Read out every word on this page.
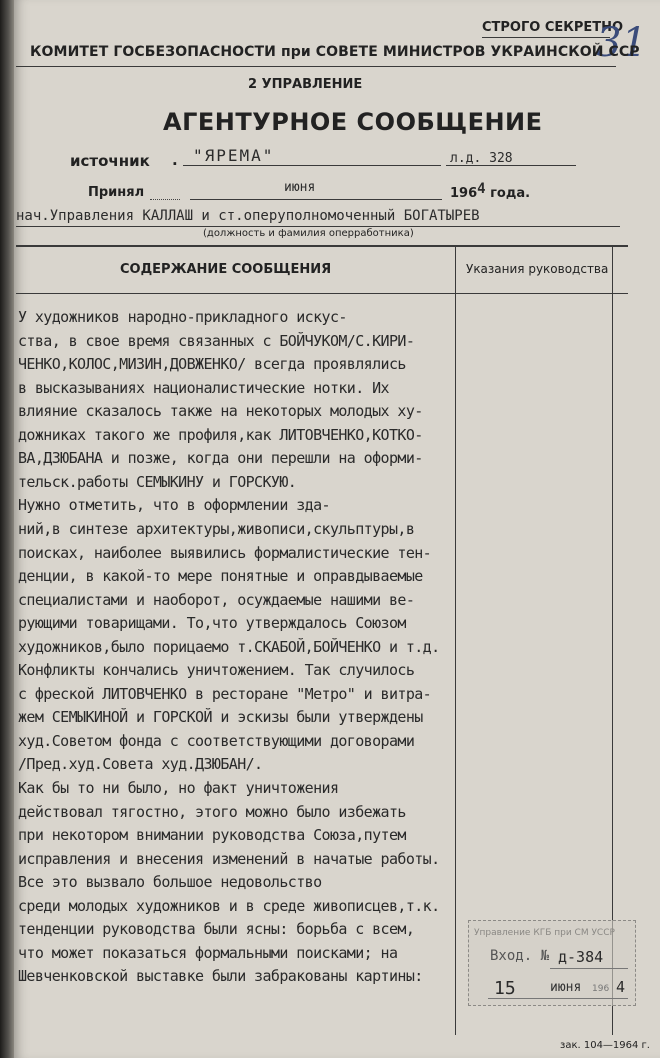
СТРОГО СЕКРЕТНО
31
КОМИТЕТ ГОСБЕЗОПАСНОСТИ при СОВЕТЕ МИНИСТРОВ УКРАИНСКОЙ ССР
2 УПРАВЛЕНИЕ
АГЕНТУРНОЕ СООБЩЕНИЕ
источник . "ЯРЕМА"	л.д. 328
Принял	июня	1964 года.
нач.Управления КАЛЛАШ и ст.оперуполномоченный БОГАТЫРЕВ
(должность и фамилия оперработника)
СОДЕРЖАНИЕ СООБЩЕНИЯ	Указания руководства
У художников народно-прикладного искус-
ства, в свое время связанных с БОЙЧУКОМ/С.КИРИ-
ЧЕНКО,КОЛОС,МИЗИН,ДОВЖЕНКО/ всегда проявлялись
в высказываниях националистические нотки. Их
влияние сказалось также на некоторых молодых ху-
дожниках такого же профиля,как ЛИТОВЧЕНКО,КОТКО-
ВА,ДЗЮБАНА и позже, когда они перешли на оформи-
тельск.работы СЕМЫКИНУ и ГОРСКУЮ.
Нужно отметить, что в оформлении зда-
ний,в синтезе архитектуры,живописи,скульптуры,в
поисках, наиболее выявились формалистические тен-
денции, в какой-то мере понятные и оправдываемые
специалистами и наоборот, осуждаемые нашими ве-
рующими товарищами. То,что утверждалось Союзом
художников,было порицаемо т.СКАБОЙ,БОЙЧЕНКО и т.д.
Конфликты кончались уничтожением. Так случилось
с фреской ЛИТОВЧЕНКО в ресторане "Метро" и витра-
жем СЕМЫКИНОЙ и ГОРСКОЙ и эскизы были утверждены
худ.Советом фонда с соответствующими договорами
/Пред.худ.Совета худ.ДЗЮБАН/.
Как бы то ни было, но факт уничтожения
действовал тягостно, этого можно было избежать
при некотором внимании руководства Союза,путем
исправления и внесения изменений в начатые работы.
Все это вызвало большое недовольство
среди молодых художников и в среде живописцев,т.к.
тенденции руководства были ясны: борьба с всем,
что может показаться формальными поисками; на
Шевченковской выставке были забракованы картины:
Управление КГБ при СМ УССР
Вход. № д-384
15	июня 196 4
зак. 104—1964 г.
